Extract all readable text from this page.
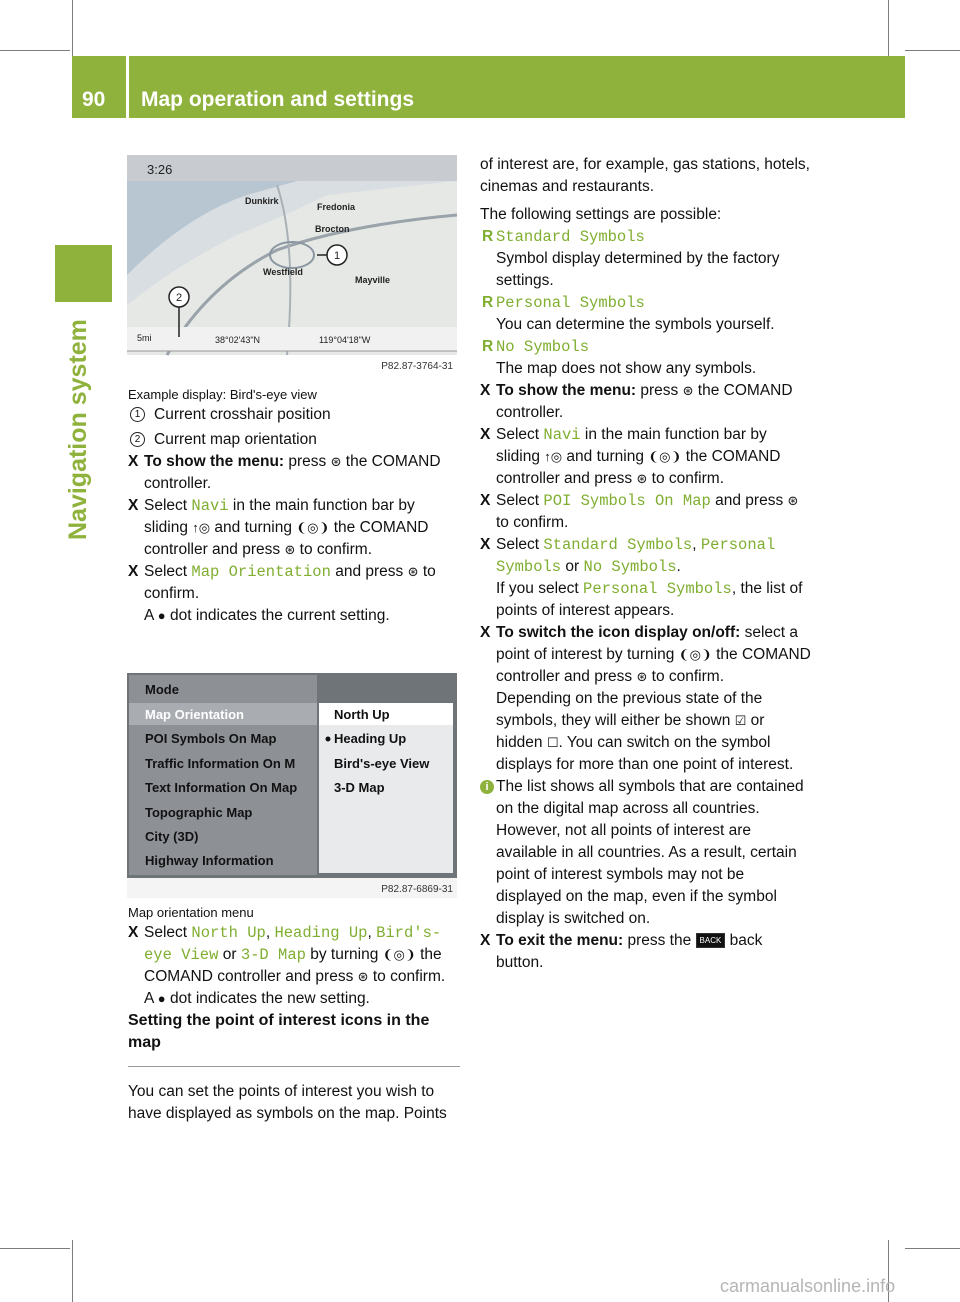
90 Map operation and settings
Navigation system
3:26
Dunkirk
Fredonia
Brocton
Westfield
Mayville
1
2
5mi	38°02'43"N	119°04'18"W
P82.87-3764-31
Mode
Map Orientation
POI Symbols On Map
Traffic Information On M
Text Information On Map
Topographic Map
City (3D)
Highway Information
North Up
Heading Up
Bird's-eye View
3-D Map
P82.87-6869-31

Example display: Bird's-eye view

1 Current crosshair position

2 Current map orientation

X To show the menu: press ⊛ the COMAND controller.

X Select Navi in the main function bar by sliding ↑◎ and turning ❨◎❩ the COMAND controller and press ⊛ to confirm.

X Select Map Orientation and press ⊛ to confirm.
A ● dot indicates the current setting.

Map orientation menu

X Select North Up, Heading Up, Bird's-eye View or 3-D Map by turning ❨◎❩ the COMAND controller and press ⊛ to confirm.
A ● dot indicates the new setting.

Setting the point of interest icons in the map

You can set the points of interest you wish to have displayed as symbols on the map. Points

of interest are, for example, gas stations, hotels, cinemas and restaurants.

The following settings are possible:

R Standard Symbols
Symbol display determined by the factory settings.

R Personal Symbols
You can determine the symbols yourself.

R No Symbols
The map does not show any symbols.

X To show the menu: press ⊛ the COMAND controller.

X Select Navi in the main function bar by sliding ↑◎ and turning ❨◎❩ the COMAND controller and press ⊛ to confirm.

X Select POI Symbols On Map and press ⊛ to confirm.

X Select Standard Symbols, Personal Symbols or No Symbols.
If you select Personal Symbols, the list of points of interest appears.

X To switch the icon display on/off: select a point of interest by turning ❨◎❩ the COMAND controller and press ⊛ to confirm.
Depending on the previous state of the symbols, they will either be shown ☑ or hidden ☐. You can switch on the symbol displays for more than one point of interest.

i The list shows all symbols that are contained on the digital map across all countries. However, not all points of interest are available in all countries. As a result, certain point of interest symbols may not be displayed on the map, even if the symbol display is switched on.

X To exit the menu: press the BACK back button.

carmanualsonline.info
